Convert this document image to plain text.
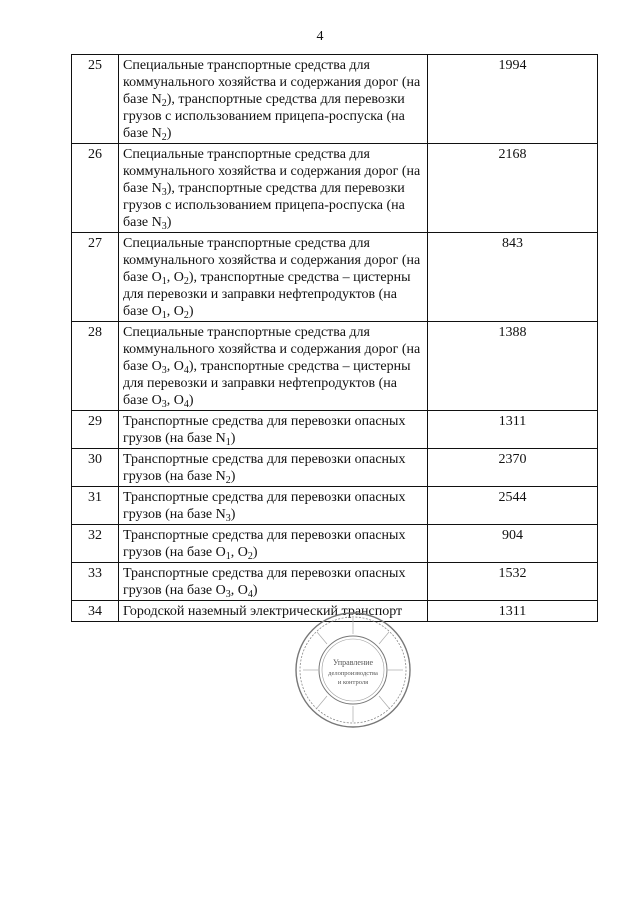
4
25	Специальные транспортные средства для коммунального хозяйства и содержания дорог (на базе $N_2$), транспортные средства для перевозки грузов с использованием прицепа-роспуска (на базе $N_2$)	1994
26	Специальные транспортные средства для коммунального хозяйства и содержания дорог (на базе $N_3$), транспортные средства для перевозки грузов с использованием прицепа-роспуска (на базе $N_3$)	2168
27	Специальные транспортные средства для коммунального хозяйства и содержания дорог (на базе $O_1$, $O_2$), транспортные средства – цистерны для перевозки и заправки нефтепродуктов (на базе $O_1$, $O_2$)	843
28	Специальные транспортные средства для коммунального хозяйства и содержания дорог (на базе $O_3$, $O_4$), транспортные средства – цистерны для перевозки и заправки нефтепродуктов (на базе $O_3$, $O_4$)	1388
29	Транспортные средства для перевозки опасных грузов (на базе $N_1$)	1311
30	Транспортные средства для перевозки опасных грузов (на базе $N_2$)	2370
31	Транспортные средства для перевозки опасных грузов (на базе $N_3$)	2544
32	Транспортные средства для перевозки опасных грузов (на базе $O_1$, $O_2$)	904
33	Транспортные средства для перевозки опасных грузов (на базе $O_3$, $O_4$)	1532
34	Городской наземный электрический транспорт	1311
Управление
делопроизводства
и контроля
